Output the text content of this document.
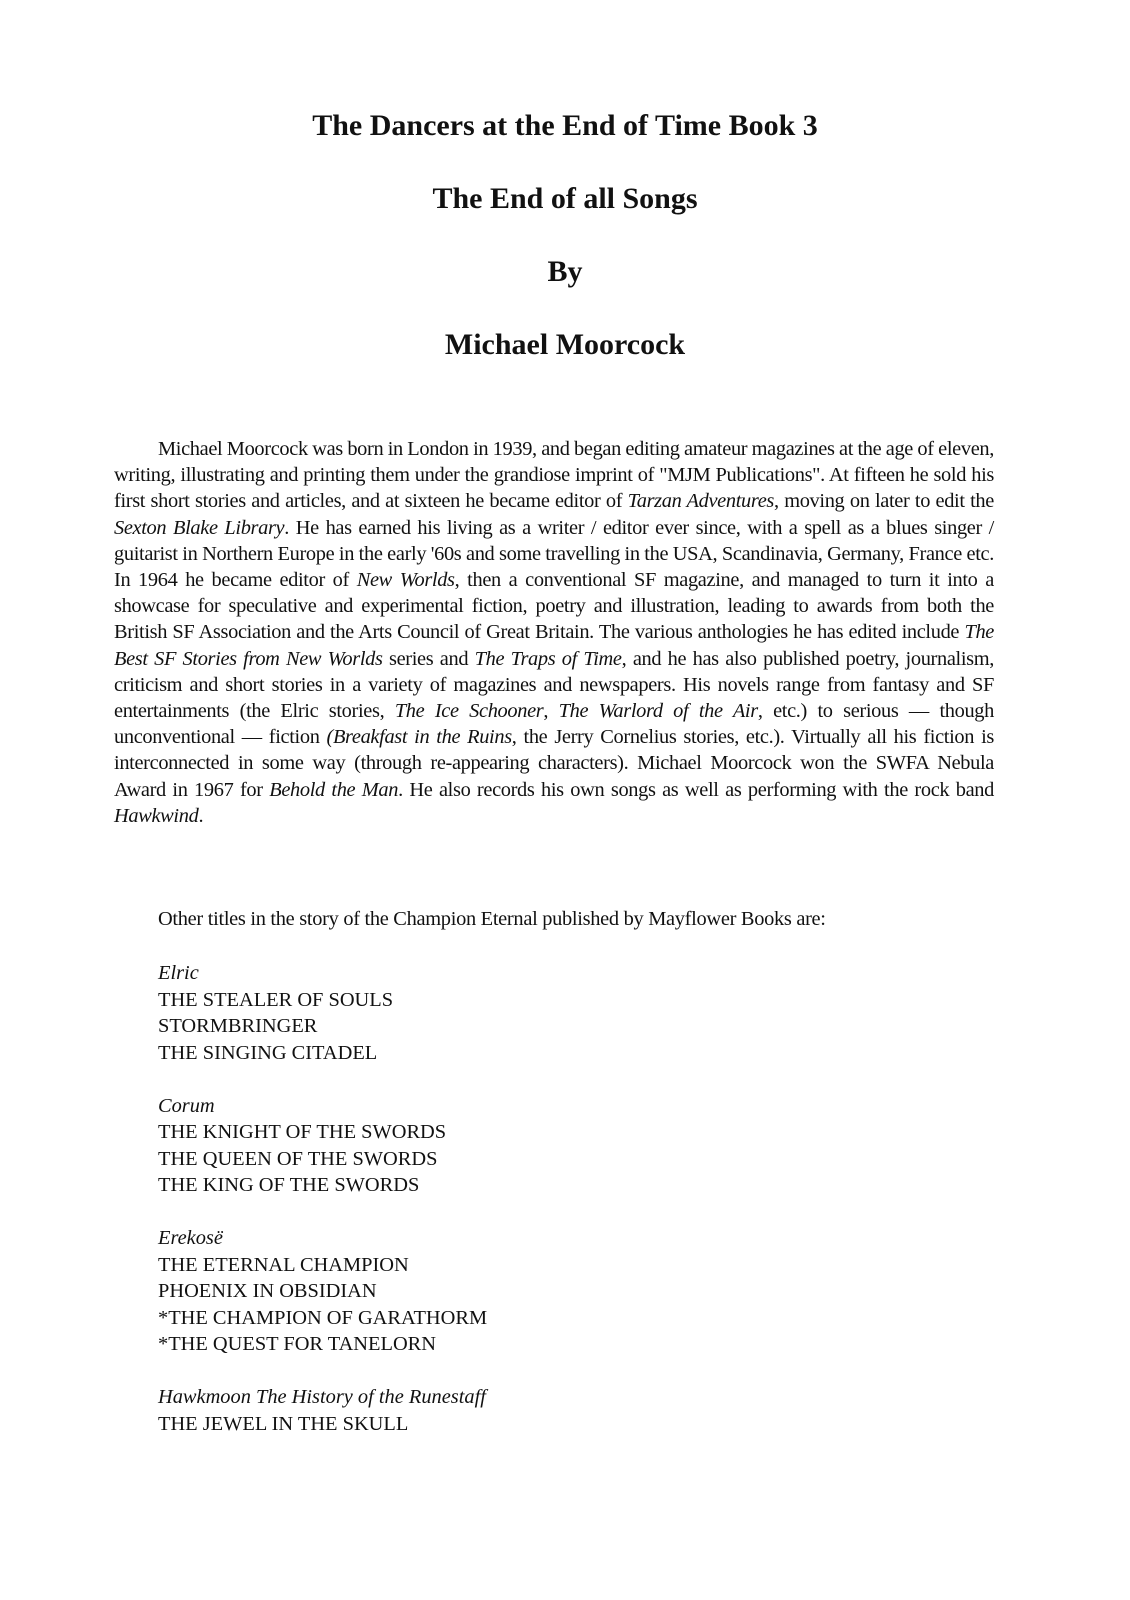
The Dancers at the End of Time Book 3
The End of all Songs
By
Michael Moorcock

Michael Moorcock was born in London in 1939, and began editing amateur magazines at the age of eleven, writing, illustrating and printing them under the grandiose imprint of "MJM Publications". At fifteen he sold his first short stories and articles, and at sixteen he became editor of Tarzan Adventures, moving on later to edit the Sexton Blake Library. He has earned his living as a writer / editor ever since, with a spell as a blues singer / guitarist in Northern Europe in the early '60s and some travelling in the USA, Scandinavia, Germany, France etc. In 1964 he became editor of New Worlds, then a conventional SF magazine, and managed to turn it into a showcase for speculative and experimental fiction, poetry and illustration, leading to awards from both the British SF Association and the Arts Council of Great Britain. The various anthologies he has edited include The Best SF Stories from New Worlds series and The Traps of Time, and he has also published poetry, journalism, criticism and short stories in a variety of magazines and newspapers. His novels range from fantasy and SF entertainments (the Elric stories, The Ice Schooner, The Warlord of the Air, etc.) to serious — though unconventional — fiction (Breakfast in the Ruins, the Jerry Cornelius stories, etc.). Virtually all his fiction is interconnected in some way (through re-appearing characters). Michael Moorcock won the SWFA Nebula Award in 1967 for Behold the Man. He also records his own songs as well as performing with the rock band Hawkwind.

Other titles in the story of the Champion Eternal published by Mayflower Books are:
Elric
THE STEALER OF SOULS
STORMBRINGER
THE SINGING CITADEL
Corum
THE KNIGHT OF THE SWORDS
THE QUEEN OF THE SWORDS
THE KING OF THE SWORDS
Erekosë
THE ETERNAL CHAMPION
PHOENIX IN OBSIDIAN
*THE CHAMPION OF GARATHORM
*THE QUEST FOR TANELORN
Hawkmoon The History of the Runestaff
THE JEWEL IN THE SKULL
